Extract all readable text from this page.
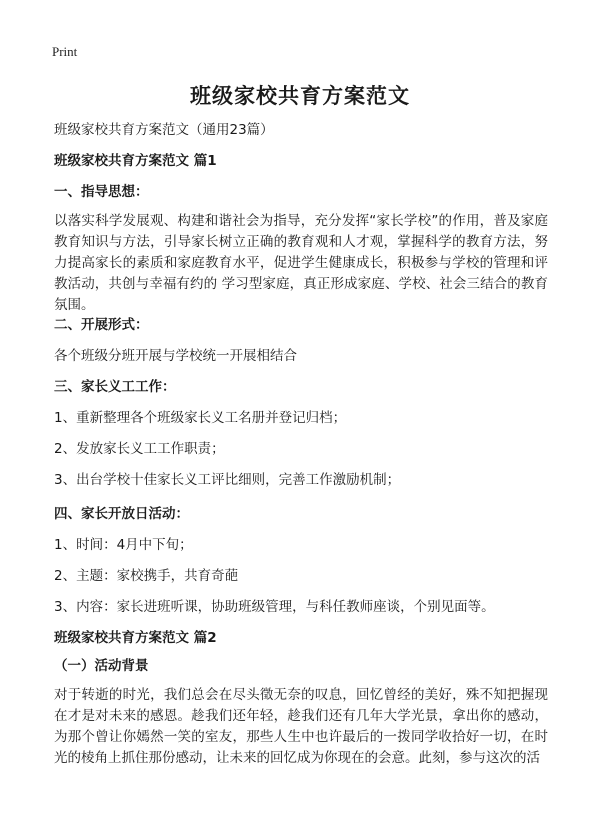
Print
班级家校共育方案范文
班级家校共育方案范文（通用23篇）
班级家校共育方案范文 篇1
一、指导思想：
以落实科学发展观、构建和谐社会为指导，充分发挥“家长学校”的作用，普及家庭教育知识与方法，引导家长树立正确的教育观和人才观，掌握科学的教育方法，努力提高家长的素质和家庭教育水平，促进学生健康成长，积极参与学校的管理和评教活动，共创与幸福有约的 学习型家庭，真正形成家庭、学校、社会三结合的教育氛围。
二、开展形式：
各个班级分班开展与学校统一开展相结合
三、家长义工工作：
1、重新整理各个班级家长义工名册并登记归档；
2、发放家长义工工作职责；
3、出台学校十佳家长义工评比细则，完善工作激励机制；
四、家长开放日活动：
1、时间：4月中下旬；
2、主题：家校携手，共育奇葩
3、内容：家长进班听课，协助班级管理，与科任教师座谈，个别见面等。
班级家校共育方案范文 篇2
（一）活动背景
对于转逝的时光，我们总会在尽头徵无奈的叹息，回忆曾经的美好，殊不知把握现在才是对未来的感恩。趁我们还年轻，趁我们还有几年大学光景，拿出你的感动，为那个曾让你嫣然一笑的室友，那些人生中也许最后的一拨同学收拾好一切，在时光的棱角上抓住那份感动，让未来的回忆成为你现在的会意。此刻，参与这次的活
